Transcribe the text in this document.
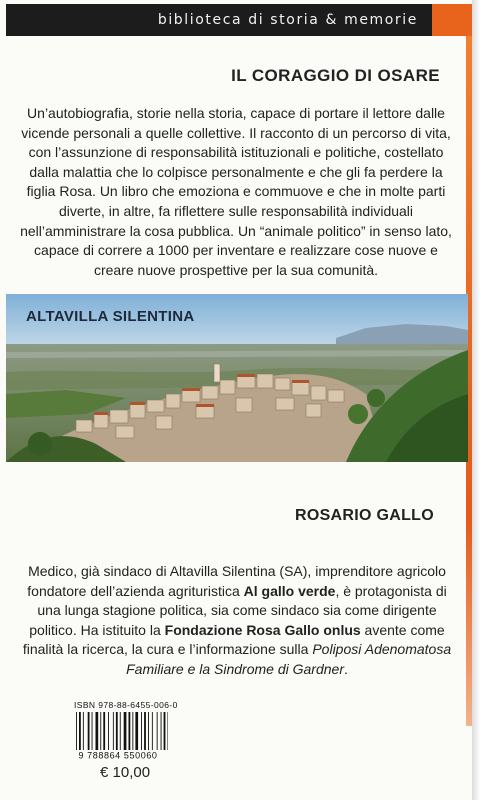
biblioteca di storia & memorie
IL CORAGGIO DI OSARE

Un’autobiografia, storie nella storia, capace di portare il lettore dalle vicende personali a quelle collettive. Il racconto di un percorso di vita, con l’assunzione di responsabilità istituzionali e politiche, costellato dalla malattia che lo colpisce personalmente e che gli fa perdere la figlia Rosa. Un libro che emoziona e commuove e che in molte parti diverte, in altre, fa riflettere sulle responsabilità individuali nell’amministrare la cosa pubblica. Un “animale politico” in senso lato, capace di correre a 1000 per inventare e realizzare cose nuove e creare nuove prospettive per la sua comunità.

ALTAVILLA SILENTINA
ROSARIO GALLO

Medico, già sindaco di Altavilla Silentina (SA), imprenditore agricolo fondatore dell’azienda agrituristica Al gallo verde, è protagonista di una lunga stagione politica, sia come sindaco sia come dirigente politico. Ha istituito la Fondazione Rosa Gallo onlus avente come finalità la ricerca, la cura e l’informazione sulla Poliposi Adenomatosa Familiare e la Sindrome di Gardner.

ISBN 978-88-6455-006-0
9 788864 550060
€ 10,00
